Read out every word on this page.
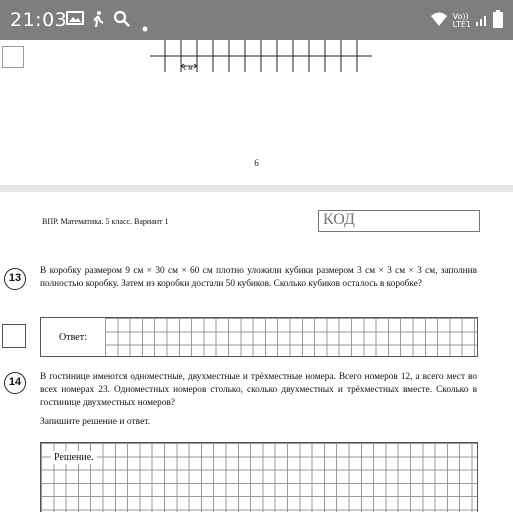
21:03	Vo))
LTE1
1 м
6
ВПР. Математика. 5 класс. Вариант 1	КОД
13
В коробку размером 9 см × 30 см × 60 см плотно уложили кубики размером 3 см × 3 см × 3 см, заполнив полностью коробку. Затем из коробки достали 50 кубиков. Сколько кубиков осталось в коробке?
Ответ:
14	В гостинице имеются одноместные, двухместные и трёхместные номера. Всего номеров 12, а всего мест во всех номерах 23. Одноместных номеров столько, сколько двухместных и трёхместных вместе. Сколько в гостинице двухместных номеров?
Запишите решение и ответ.
Решение.
